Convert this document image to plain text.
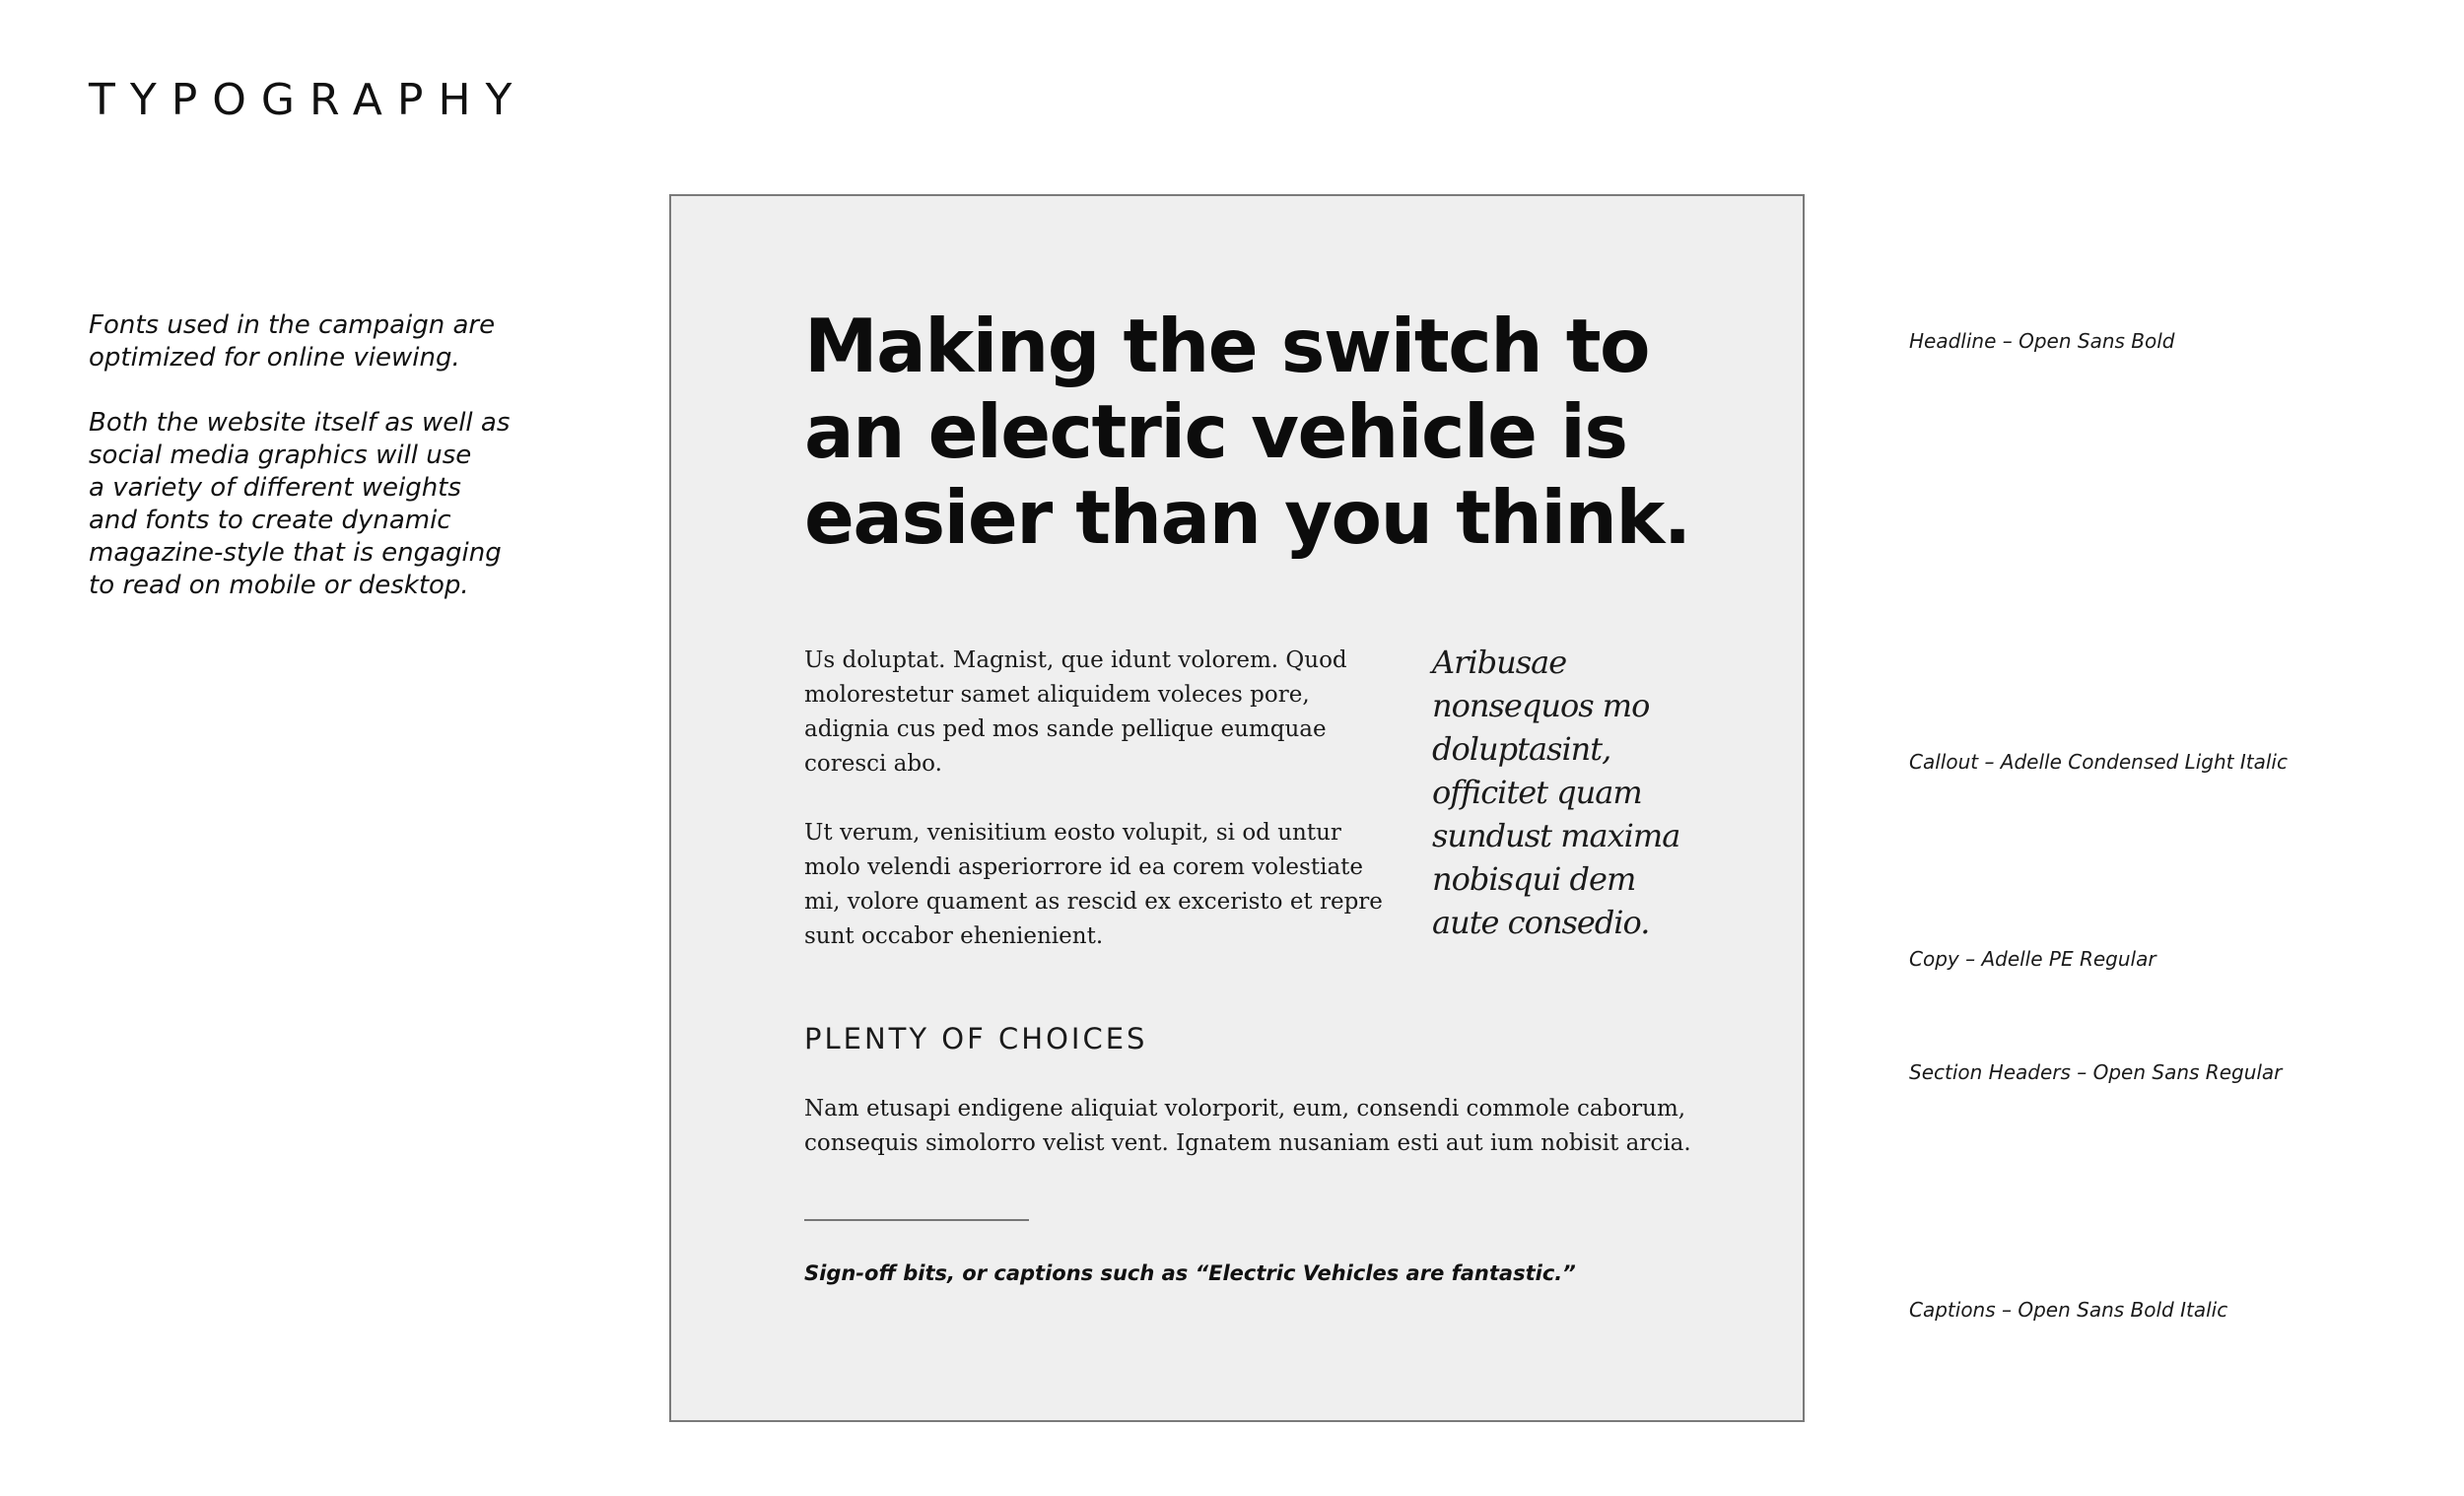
TYPOGRAPHY

Fonts used in the campaign are
optimized for online viewing.

Both the website itself as well as
social media graphics will use
a variety of different weights
and fonts to create dynamic
magazine-style that is engaging
to read on mobile or desktop.

Making the switch to
an electric vehicle is
easier than you think.

Us doluptat. Magnist, que idunt volorem. Quod
molorestetur samet aliquidem voleces pore,
adignia cus ped mos sande pellique eumquae
coresci abo.

Ut verum, venisitium eosto volupit, si od untur
molo velendi asperiorrore id ea corem volestiate
mi, volore quament as rescid ex exceristo et repre
sunt occabor ehenienient.

Aribusae
nonsequos mo
doluptasint,
officitet quam
sundust maxima
nobisqui dem
aute consedio.

PLENTY OF CHOICES

Nam etusapi endigene aliquiat volorporit, eum, consendi commole caborum,
consequis simolorro velist vent. Ignatem nusaniam esti aut ium nobisit arcia.

Sign-off bits, or captions such as “Electric Vehicles are fantastic.”

Headline – Open Sans Bold

Callout – Adelle Condensed Light Italic

Copy – Adelle PE Regular

Section Headers – Open Sans Regular

Captions – Open Sans Bold Italic
